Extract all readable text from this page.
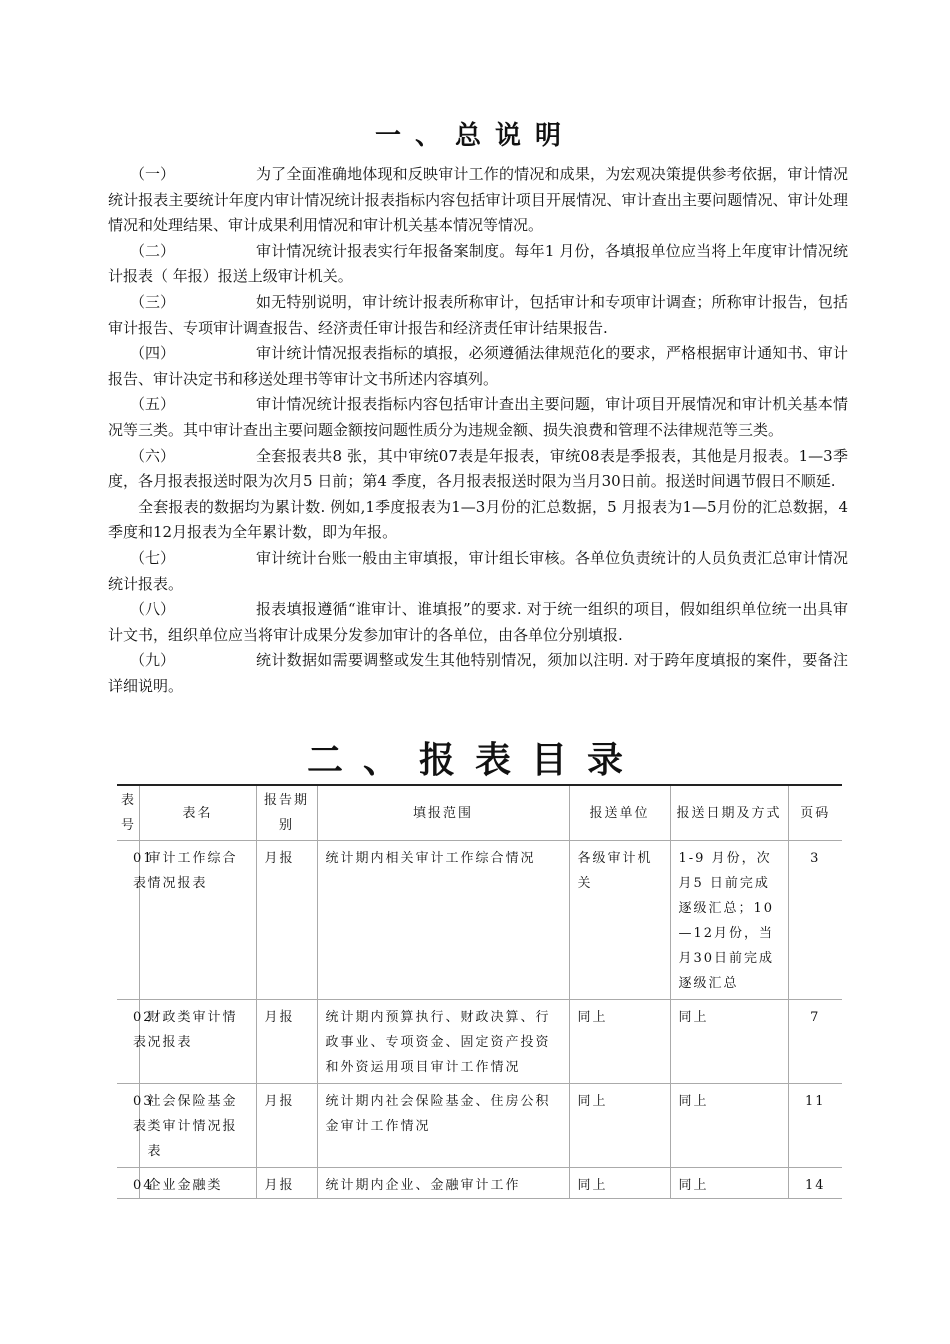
一、总说明
（一）	为了全面准确地体现和反映审计工作的情况和成果，为宏观决策提供参考依据，审计情况统计报表主要统计年度内审计情况统计报表指标内容包括审计项目开展情况、审计查出主要问题情况、审计处理情况和处理结果、审计成果利用情况和审计机关基本情况等情况。
（二）	审计情况统计报表实行年报备案制度。每年1 月份，各填报单位应当将上年度审计情况统计报表（ 年报）报送上级审计机关。
（三）	如无特别说明，审计统计报表所称审计，包括审计和专项审计调查；所称审计报告，包括审计报告、专项审计调查报告、经济责任审计报告和经济责任审计结果报告.
（四）	审计统计情况报表指标的填报，必须遵循法律规范化的要求，严格根据审计通知书、审计报告、审计决定书和移送处理书等审计文书所述内容填列。
（五）	审计情况统计报表指标内容包括审计查出主要问题，审计项目开展情况和审计机关基本情况等三类。其中审计查出主要问题金额按问题性质分为违规金额、损失浪费和管理不法律规范等三类。
（六）	全套报表共8 张，其中审统07表是年报表，审统08表是季报表，其他是月报表。1—3季度，各月报表报送时限为次月5 日前；第4 季度，各月报表报送时限为当月30日前。报送时间遇节假日不顺延.
全套报表的数据均为累计数. 例如,1季度报表为1—3月份的汇总数据，5 月报表为1—5月份的汇总数据，4 季度和12月报表为全年累计数，即为年报。
（七）	审计统计台账一般由主审填报，审计组长审核。各单位负责统计的人员负责汇总审计情况统计报表。
（八）	报表填报遵循“谁审计、谁填报”的要求. 对于统一组织的项目，假如组织单位统一出具审计文书，组织单位应当将审计成果分发参加审计的各单位，由各单位分别填报.
（九）	统计数据如需要调整或发生其他特别情况，须加以注明. 对于跨年度填报的案件，要备注详细说明。
二、报表目录
表号	表名	报告期别	填报范围	报送单位	报送日期及方式	页码
01表	审计工作综合情况报表	月报	统计期内相关审计工作综合情况	各级审计机关	1-9 月份，次月5 日前完成逐级汇总；10—12月份，当月30日前完成逐级汇总	3
02表	财政类审计情况报表	月报	统计期内预算执行、财政决算、行政事业、专项资金、固定资产投资和外资运用项目审计工作情况	同上	同上	7
03表	社会保险基金类审计情况报表	月报	统计期内社会保险基金、住房公积金审计工作情况	同上	同上	11
04	企业金融类	月报	统计期内企业、金融审计工作	同上	同上	14
